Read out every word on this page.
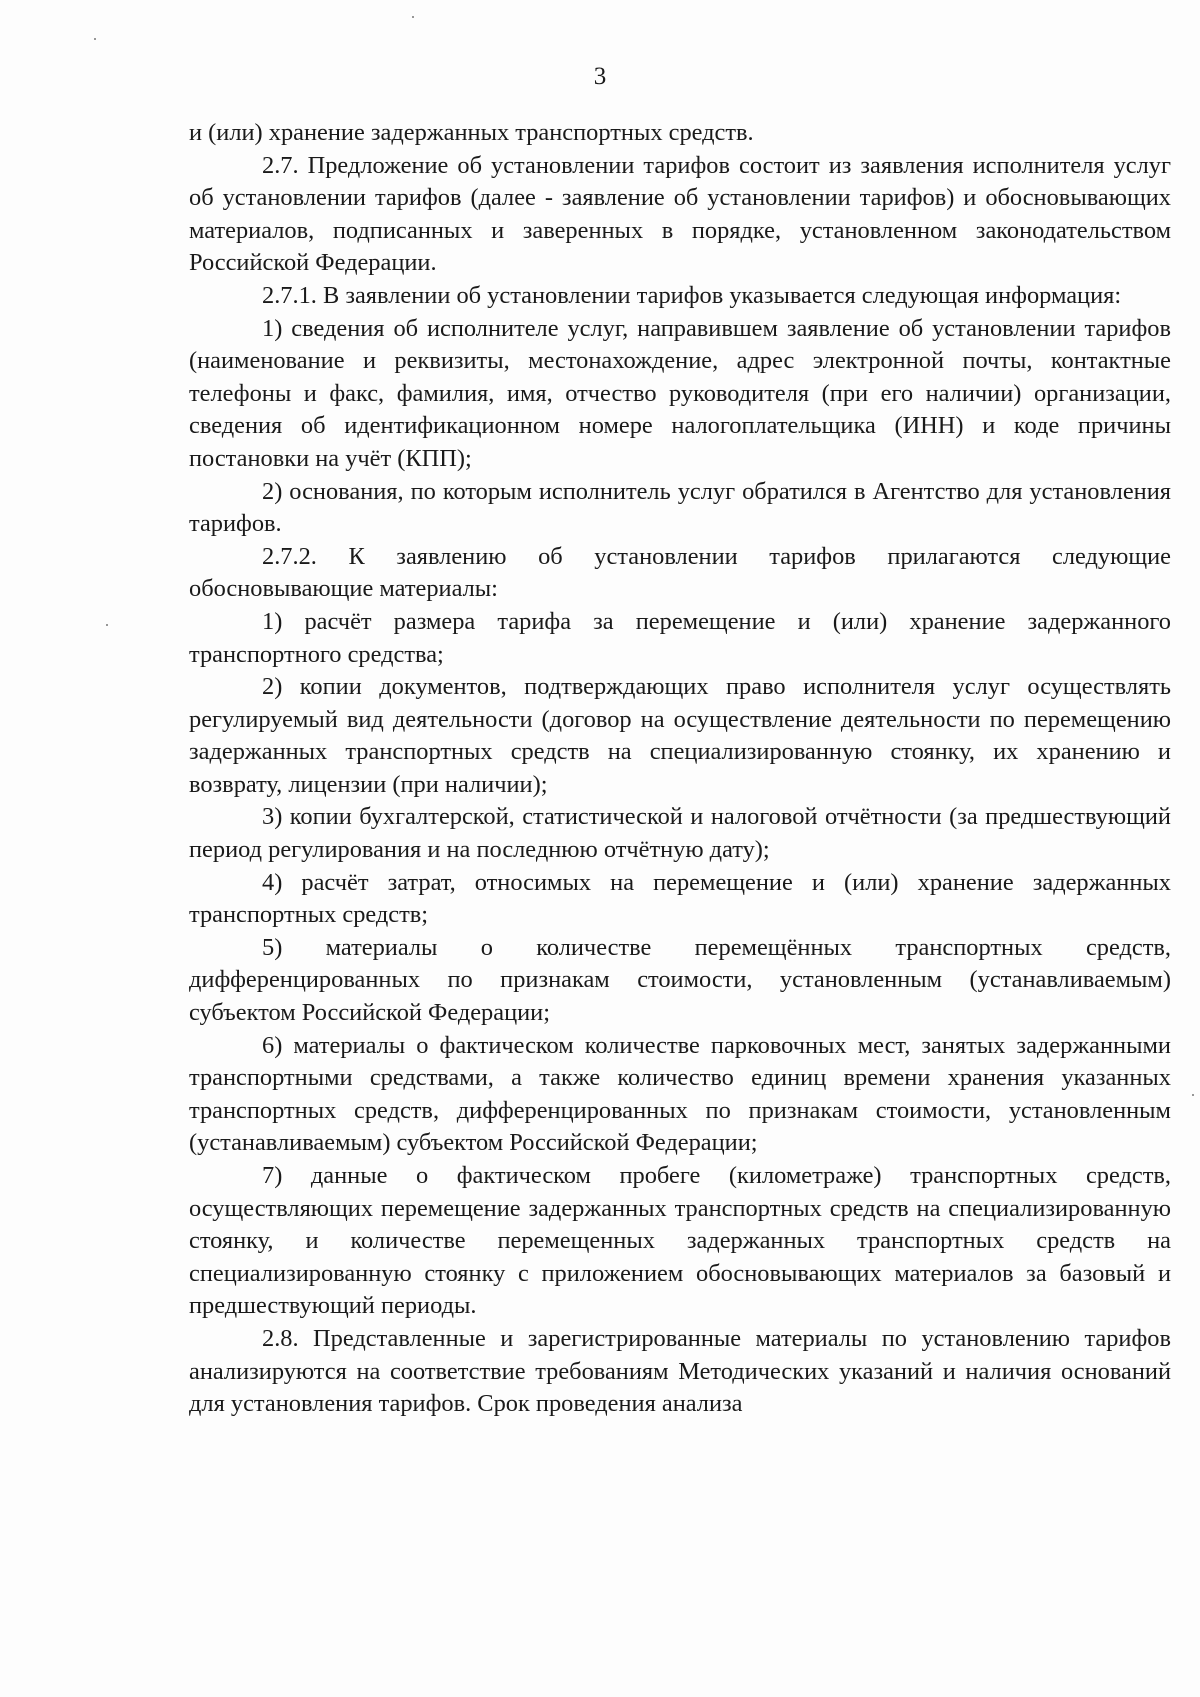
3

и (или) хранение задержанных транспортных средств.

2.7. Предложение об установлении тарифов состоит из заявления исполнителя услуг об установлении тарифов (далее - заявление об установлении тарифов) и обосновывающих материалов, подписанных и заверенных в порядке, установленном законодательством Российской Федерации.

2.7.1. В заявлении об установлении тарифов указывается следующая информация:

1) сведения об исполнителе услуг, направившем заявление об установлении тарифов (наименование и реквизиты, местонахождение, адрес электронной почты, контактные телефоны и факс, фамилия, имя, отчество руководителя (при его наличии) организации, сведения об идентификационном номере налогоплательщика (ИНН) и коде причины постановки на учёт (КПП);

2) основания, по которым исполнитель услуг обратился в Агентство для установления тарифов.

2.7.2. К заявлению об установлении тарифов прилагаются следующие обосновывающие материалы:

1) расчёт размера тарифа за перемещение и (или) хранение задержанного транспортного средства;

2) копии документов, подтверждающих право исполнителя услуг осуществлять регулируемый вид деятельности (договор на осуществление деятельности по перемещению задержанных транспортных средств на специализированную стоянку, их хранению и возврату, лицензии (при наличии);

3) копии бухгалтерской, статистической и налоговой отчётности (за предшествующий период регулирования и на последнюю отчётную дату);

4) расчёт затрат, относимых на перемещение и (или) хранение задержанных транспортных средств;

5) материалы о количестве перемещённых транспортных средств, дифференцированных по признакам стоимости, установленным (устанавливаемым) субъектом Российской Федерации;

6) материалы о фактическом количестве парковочных мест, занятых задержанными транспортными средствами, а также количество единиц времени хранения указанных транспортных средств, дифференцированных по признакам стоимости, установленным (устанавливаемым) субъектом Российской Федерации;

7) данные о фактическом пробеге (километраже) транспортных средств, осуществляющих перемещение задержанных транспортных средств на специализированную стоянку, и количестве перемещенных задержанных транспортных средств на специализированную стоянку с приложением обосновывающих материалов за базовый и предшествующий периоды.

2.8. Представленные и зарегистрированные материалы по установлению тарифов анализируются на соответствие требованиям Методических указаний и наличия оснований для установления тарифов. Срок проведения анализа
